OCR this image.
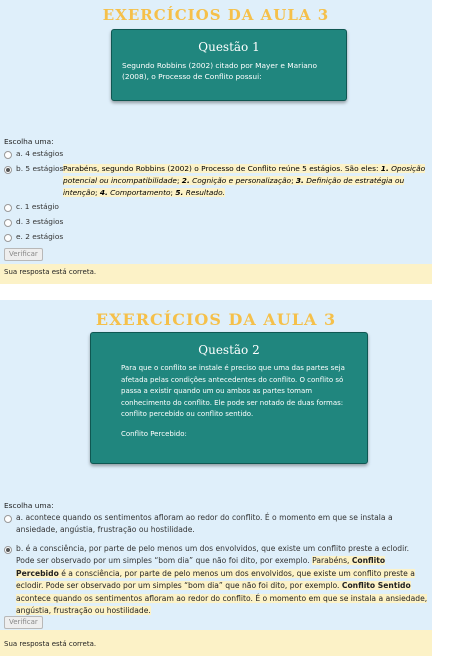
EXERCÍCIOS DA AULA 3
Questão 1
Segundo Robbins (2002) citado por Mayer e Mariano (2008), o Processo de Conflito possui:
Escolha uma:
a. 4 estágios
b. 5 estágios Parabéns, segundo Robbins (2002) o Processo de Conflito reúne 5 estágios. São eles: 1. Oposição potencial ou incompatibilidade; 2. Cognição e personalização; 3. Definição de estratégia ou intenção; 4. Comportamento; 5. Resultado.
c. 1 estágio
d. 3 estágios
e. 2 estágios
Verificar
Sua resposta está correta.
EXERCÍCIOS DA AULA 3
Questão 2
Para que o conflito se instale é preciso que uma das partes seja afetada pelas condições antecedentes do conflito. O conflito só passa a existir quando um ou ambos as partes tomam conhecimento do conflito. Ele pode ser notado de duas formas: conflito percebido ou conflito sentido.
Conflito Percebido:
Escolha uma:
a. acontece quando os sentimentos afloram ao redor do conflito. É o momento em que se instala a ansiedade, angústia, frustração ou hostilidade.
b. é a consciência, por parte de pelo menos um dos envolvidos, que existe um conflito preste a eclodir. Pode ser observado por um simples “bom dia” que não foi dito, por exemplo. Parabéns, Conflito Percebido é a consciência, por parte de pelo menos um dos envolvidos, que existe um conflito preste a eclodir. Pode ser observado por um simples “bom dia” que não foi dito, por exemplo. Conflito Sentido acontece quando os sentimentos afloram ao redor do conflito. É o momento em que se instala a ansiedade, angústia, frustração ou hostilidade.
Verificar
Sua resposta está correta.
